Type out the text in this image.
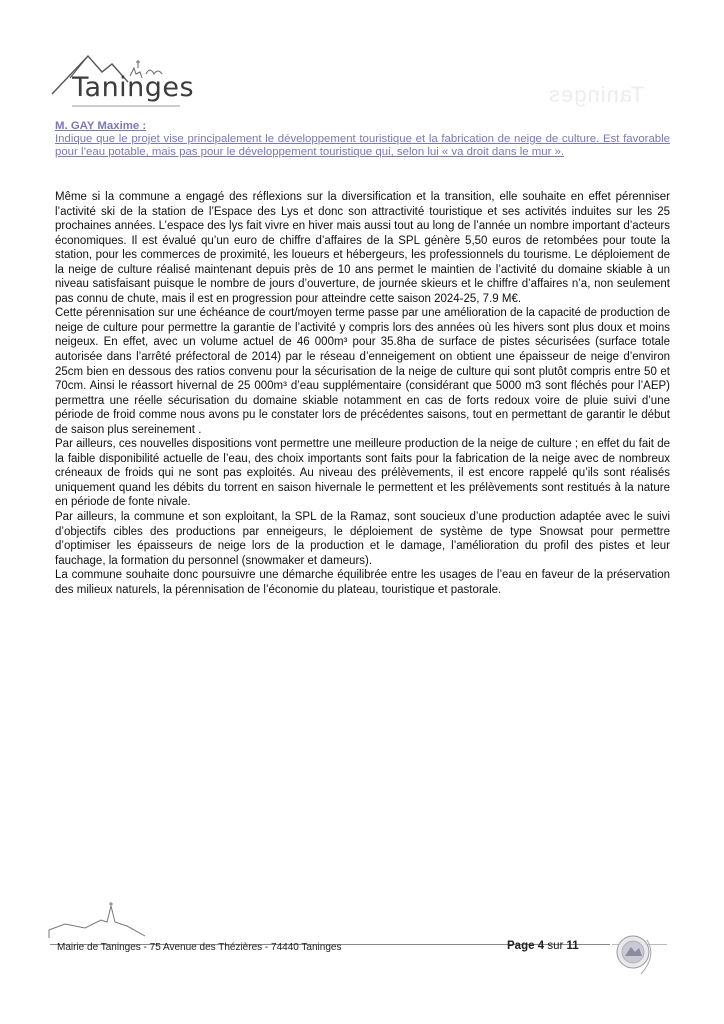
Taninges
Taninges
M. GAY Maxime :
Indique que le projet vise principalement le développement touristique et la fabrication de neige de culture. Est favorable pour l’eau potable, mais pas pour le développement touristique qui, selon lui « va droit dans le mur ».

Même si la commune a engagé des réflexions sur la diversification et la transition, elle souhaite en effet pérenniser l’activité ski de la station de l’Espace des Lys et donc son attractivité touristique et ses activités induites sur les 25 prochaines années. L’espace des lys fait vivre en hiver mais aussi tout au long de l’année un nombre important d’acteurs économiques. Il est évalué qu’un euro de chiffre d’affaires de la SPL génère 5,50 euros de retombées pour toute la station, pour les commerces de proximité, les loueurs et hébergeurs, les professionnels du tourisme. Le déploiement de la neige de culture réalisé maintenant depuis près de 10 ans permet le maintien de l’activité du domaine skiable à un niveau satisfaisant puisque le nombre de jours d’ouverture, de journée skieurs et le chiffre d’affaires n’a, non seulement pas connu de chute, mais il est en progression pour atteindre cette saison 2024-25, 7.9 M€.

Cette pérennisation sur une échéance de court/moyen terme passe par une amélioration de la capacité de production de neige de culture pour permettre la garantie de l’activité y compris lors des années où les hivers sont plus doux et moins neigeux. En effet, avec un volume actuel de 46 000m³ pour 35.8ha de surface de pistes sécurisées (surface totale autorisée dans l’arrêté préfectoral de 2014) par le réseau d’enneigement on obtient une épaisseur de neige d’environ 25cm bien en dessous des ratios convenu pour la sécurisation de la neige de culture qui sont plutôt compris entre 50 et 70cm. Ainsi le réassort hivernal de 25 000m³ d’eau supplémentaire (considérant que 5000 m3 sont fléchés pour l’AEP) permettra une réelle sécurisation du domaine skiable notamment en cas de forts redoux voire de pluie suivi d’une période de froid comme nous avons pu le constater lors de précédentes saisons, tout en permettant de garantir le début de saison plus sereinement .

Par ailleurs, ces nouvelles dispositions vont permettre une meilleure production de la neige de culture ; en effet du fait de la faible disponibilité actuelle de l’eau, des choix importants sont faits pour la fabrication de la neige avec de nombreux créneaux de froids qui ne sont pas exploités. Au niveau des prélèvements, il est encore rappelé qu’ils sont réalisés uniquement quand les débits du torrent en saison hivernale le permettent et les prélèvements sont restitués à la nature en période de fonte nivale.

Par ailleurs, la commune et son exploitant, la SPL de la Ramaz, sont soucieux d’une production adaptée avec le suivi d’objectifs cibles des productions par enneigeurs, le déploiement de système de type Snowsat pour permettre d’optimiser les épaisseurs de neige lors de la production et le damage, l’amélioration du profil des pistes et leur fauchage, la formation du personnel (snowmaker et dameurs).

La commune souhaite donc poursuivre une démarche équilibrée entre les usages de l’eau en faveur de la préservation des milieux naturels, la pérennisation de l’économie du plateau, touristique et pastorale.

Mairie de Taninges - 75 Avenue des Thézières - 74440 Taninges	Page 4 sur 11
